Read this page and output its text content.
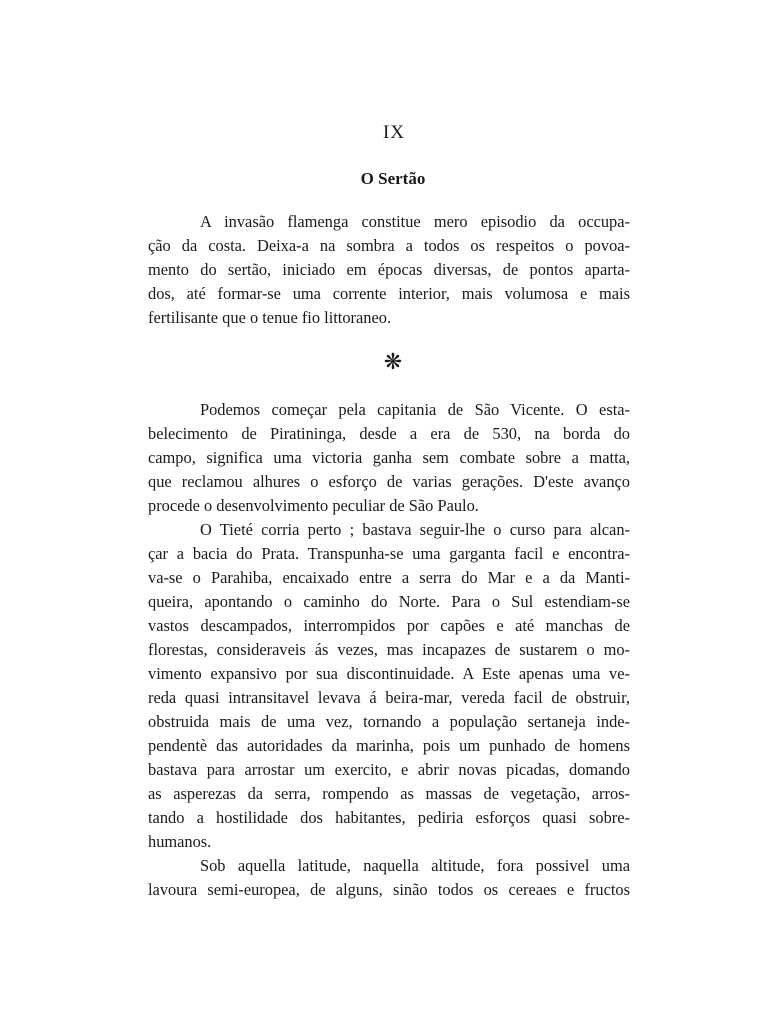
IX
O Sertão
A invasão flamenga constitue mero episodio da occupa-
ção da costa. Deixa-a na sombra a todos os respeitos o povoa-
mento do sertão, iniciado em épocas diversas, de pontos aparta-
dos, até formar-se uma corrente interior, mais volumosa e mais
fertilisante que o tenue fio littoraneo.
❋
Podemos começar pela capitania de São Vicente. O esta-
belecimento de Piratininga, desde a era de 530, na borda do
campo, significa uma victoria ganha sem combate sobre a matta,
que reclamou alhures o esforço de varias gerações. D'este avanço
procede o desenvolvimento peculiar de São Paulo.
O Tieté corria perto ; bastava seguir-lhe o curso para alcan-
çar a bacia do Prata. Transpunha-se uma garganta facil e encontra-
va-se o Parahiba, encaixado entre a serra do Mar e a da Manti-
queira, apontando o caminho do Norte. Para o Sul estendiam-se
vastos descampados, interrompidos por capões e até manchas de
florestas, consideraveis ás vezes, mas incapazes de sustarem o mo-
vimento expansivo por sua discontinuidade. A Este apenas uma ve-
reda quasi intransitavel levava á beira-mar, vereda facil de obstruir,
obstruida mais de uma vez, tornando a população sertaneja inde-
pendentè das autoridades da marinha, pois um punhado de homens
bastava para arrostar um exercito, e abrir novas picadas, domando
as asperezas da serra, rompendo as massas de vegetação, arros-
tando a hostilidade dos habitantes, pediria esforços quasi sobre-
humanos.
Sob aquella latitude, naquella altitude, fora possivel uma
lavoura semi-europea, de alguns, sinão todos os cereaes e fructos
